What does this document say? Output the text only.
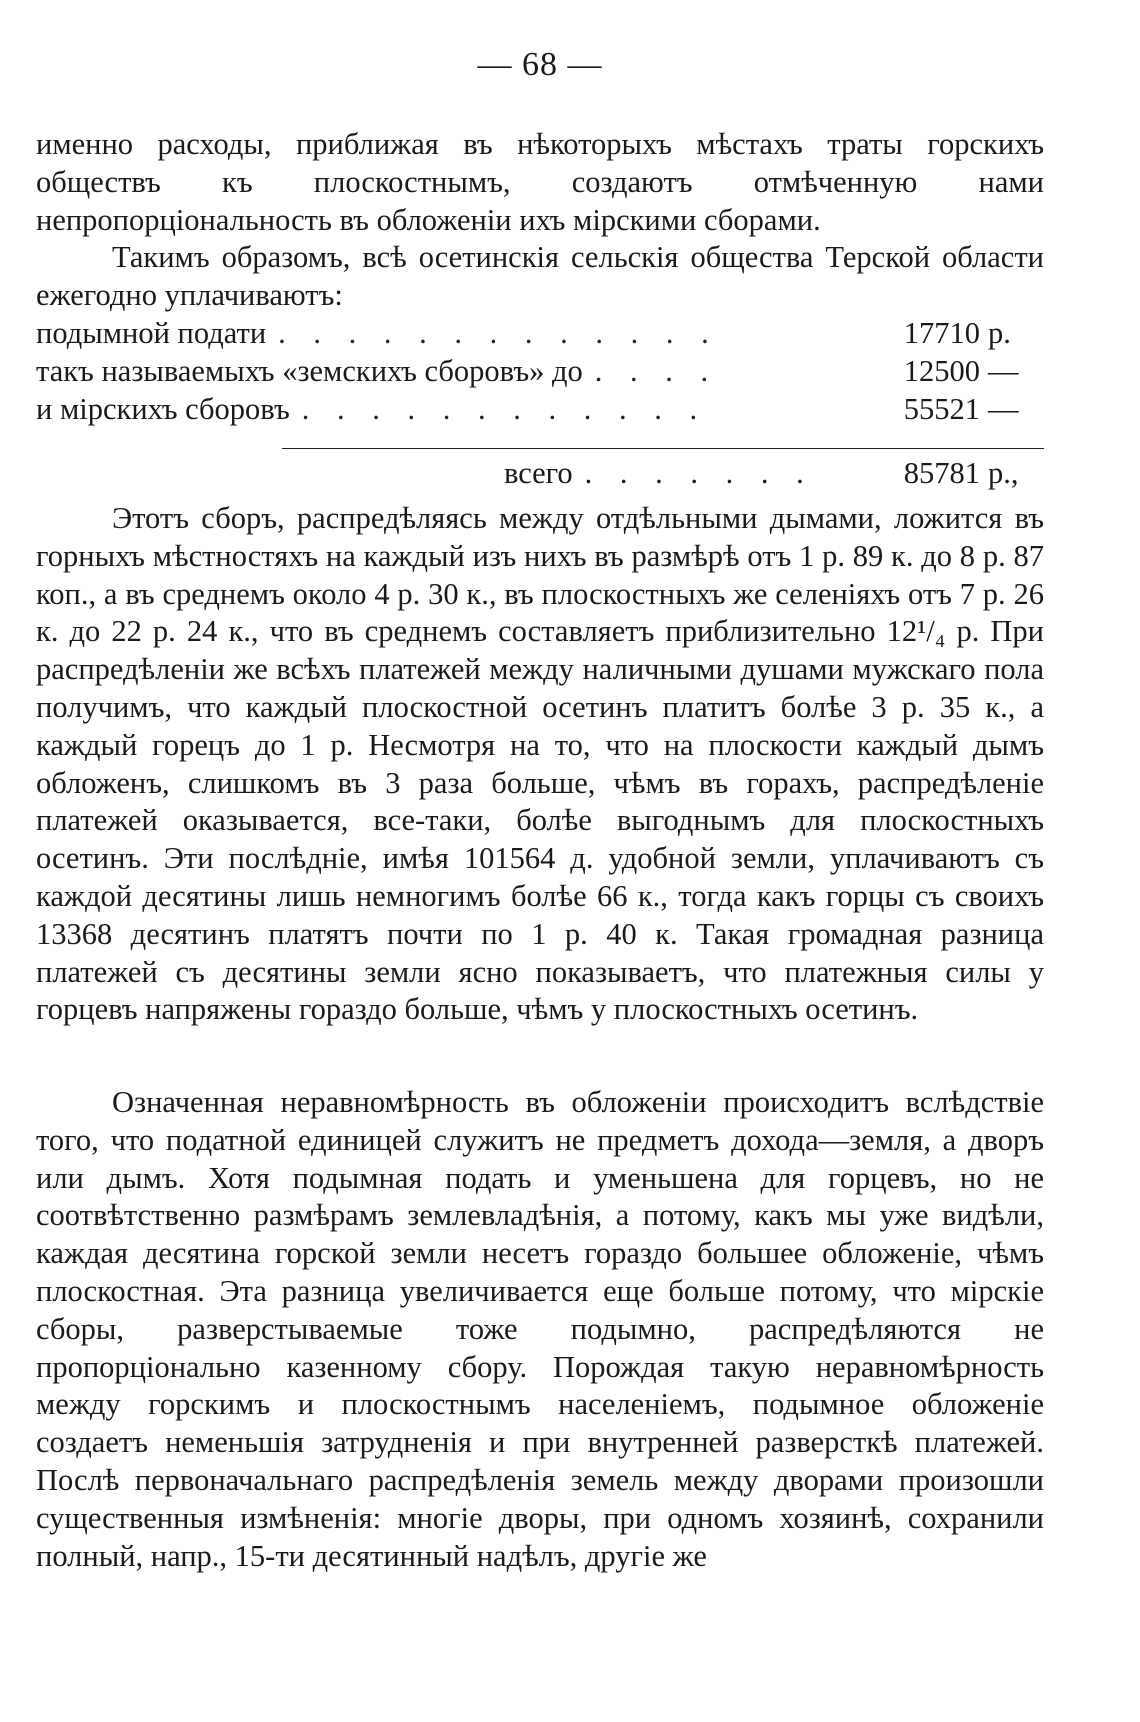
— 68 —
именно расходы, приближая въ нѣкоторыхъ мѣстахъ траты горскихъ обществъ къ плоскостнымъ, создаютъ отмѣченную нами непропорціональность въ обложеніи ихъ мірскими сборами.
Такимъ образомъ, всѣ осетинскія сельскія общества Терской области ежегодно уплачиваютъ:
подымной подати . . . . . . . . . . . . .	17710 р.
такъ называемыхъ «земскихъ сборовъ» до . . . .	12500 —
и мірскихъ сборовъ . . . . . . . . . . . .	55521 —
всего . . . . . . .	85781 р.,
Этотъ сборъ, распредѣляясь между отдѣльными дымами, ложится въ горныхъ мѣстностяхъ на каждый изъ нихъ въ размѣрѣ отъ 1 р. 89 к. до 8 р. 87 коп., а въ среднемъ около 4 р. 30 к., въ плоскостныхъ же селеніяхъ отъ 7 р. 26 к. до 22 р. 24 к., что въ среднемъ составляетъ приблизительно 12¹/₄ р. При распредѣленіи же всѣхъ платежей между наличными душами мужскаго пола получимъ, что каждый плоскостной осетинъ платитъ болѣе 3 р. 35 к., а каждый горецъ до 1 р. Несмотря на то, что на плоскости каждый дымъ обложенъ, слишкомъ въ 3 раза больше, чѣмъ въ горахъ, распредѣленіе платежей оказывается, все-таки, болѣе выгоднымъ для плоскостныхъ осетинъ. Эти послѣдніе, имѣя 101564 д. удобной земли, уплачиваютъ съ каждой десятины лишь немногимъ болѣе 66 к., тогда какъ горцы съ своихъ 13368 десятинъ платятъ почти по 1 р. 40 к. Такая громадная разница платежей съ десятины земли ясно показываетъ, что платежныя силы у горцевъ напряжены гораздо больше, чѣмъ у плоскостныхъ осетинъ.
Означенная неравномѣрность въ обложеніи происходитъ вслѣдствіе того, что податной единицей служитъ не предметъ дохода—земля, а дворъ или дымъ. Хотя подымная подать и уменьшена для горцевъ, но не соотвѣтственно размѣрамъ землевладѣнія, а потому, какъ мы уже видѣли, каждая десятина горской земли несетъ гораздо большее обложеніе, чѣмъ плоскостная. Эта разница увеличивается еще больше потому, что мірскіе сборы, разверстываемые тоже подымно, распредѣляются не пропорціонально казенному сбору. Порождая такую неравномѣрность между горскимъ и плоскостнымъ населеніемъ, подымное обложеніе создаетъ неменьшія затрудненія и при внутренней разверсткѣ платежей. Послѣ первоначальнаго распредѣленія земель между дворами произошли существенныя измѣненія: многіе дворы, при одномъ хозяинѣ, сохранили полный, напр., 15-ти десятинный надѣлъ, другіе же
